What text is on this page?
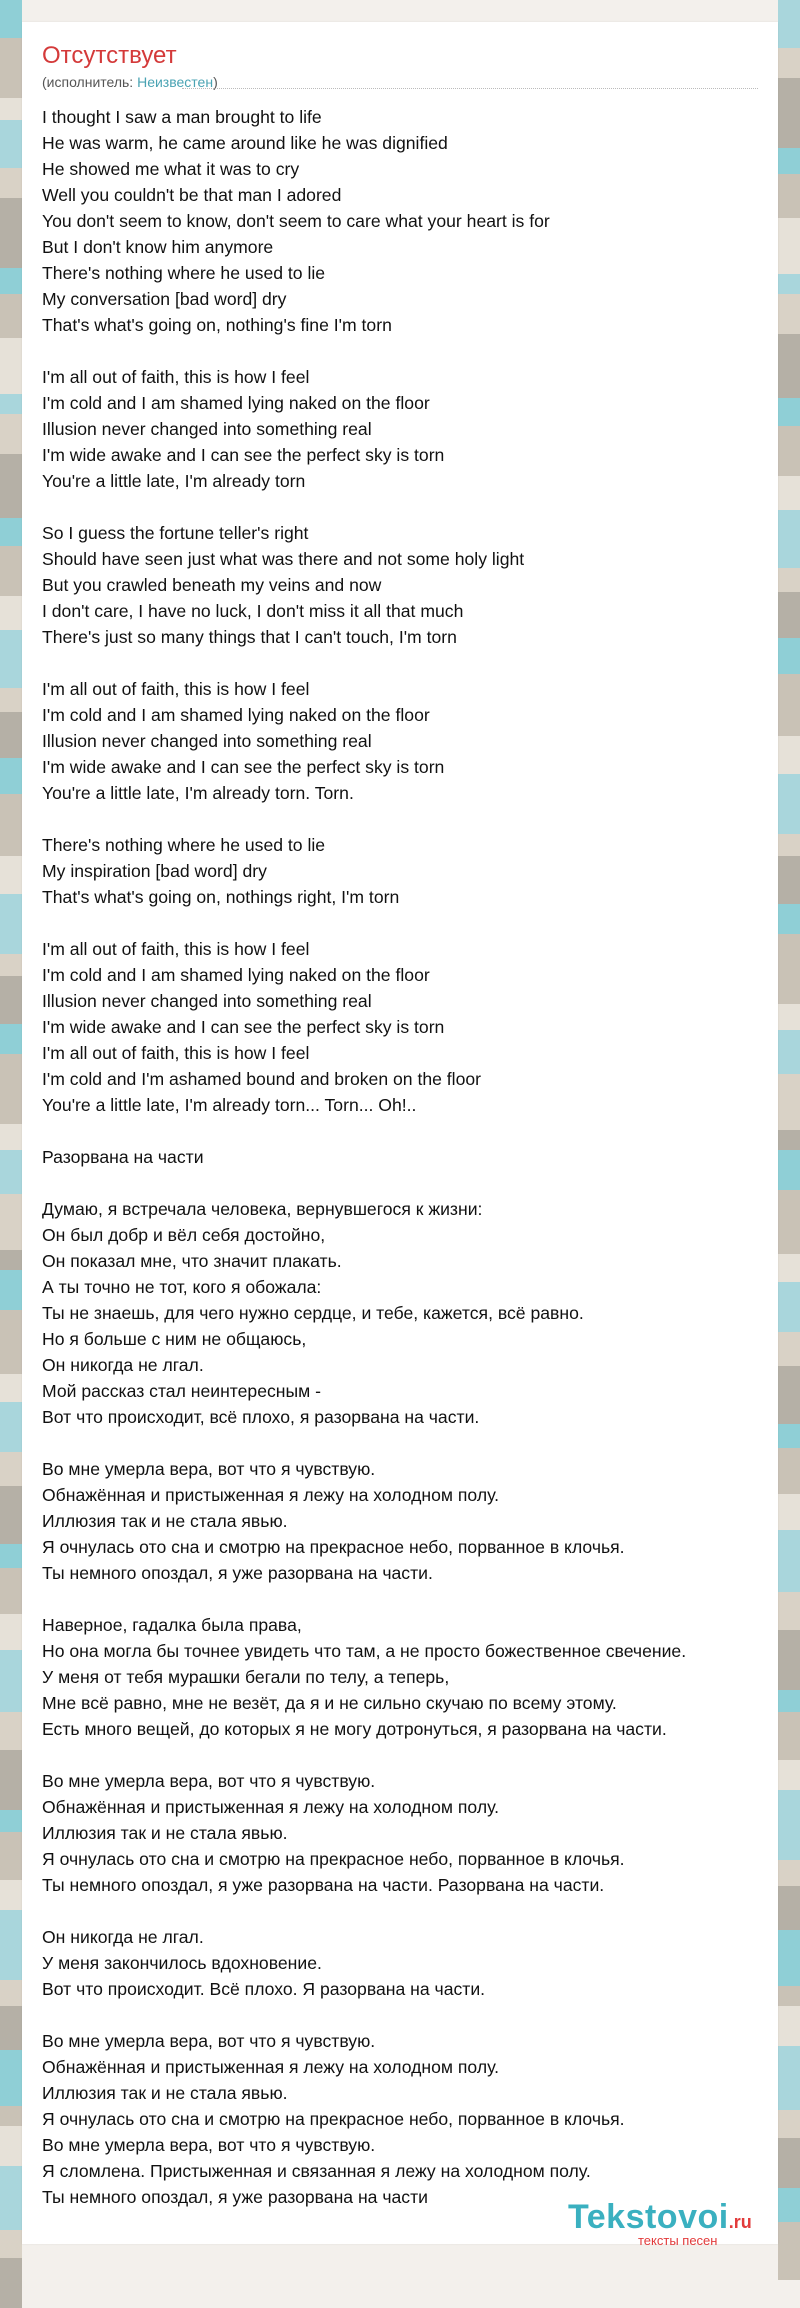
Отсутствует
(исполнитель: Неизвестен)
I thought I saw a man brought to life
He was warm, he came around like he was dignified
He showed me what it was to cry
Well you couldn't be that man I adored
You don't seem to know, don't seem to care what your heart is for
But I don't know him anymore
There's nothing where he used to lie
My conversation [bad word] dry
That's what's going on, nothing's fine I'm torn
I'm all out of faith, this is how I feel
I'm cold and I am shamed lying naked on the floor
Illusion never changed into something real
I'm wide awake and I can see the perfect sky is torn
You're a little late, I'm already torn
So I guess the fortune teller's right
Should have seen just what was there and not some holy light
But you crawled beneath my veins and now
I don't care, I have no luck, I don't miss it all that much
There's just so many things that I can't touch, I'm torn
I'm all out of faith, this is how I feel
I'm cold and I am shamed lying naked on the floor
Illusion never changed into something real
I'm wide awake and I can see the perfect sky is torn
You're a little late, I'm already torn. Torn.
There's nothing where he used to lie
My inspiration [bad word] dry
That's what's going on, nothings right, I'm torn
I'm all out of faith, this is how I feel
I'm cold and I am shamed lying naked on the floor
Illusion never changed into something real
I'm wide awake and I can see the perfect sky is torn
I'm all out of faith, this is how I feel
I'm cold and I'm ashamed bound and broken on the floor
You're a little late, I'm already torn... Torn... Oh!..
Разорвана на части
Думаю, я встречала человека, вернувшегося к жизни:
Он был добр и вёл себя достойно,
Он показал мне, что значит плакать.
А ты точно не тот, кого я обожала:
Ты не знаешь, для чего нужно сердце, и тебе, кажется, всё равно.
Но я больше с ним не общаюсь,
Он никогда не лгал.
Мой рассказ стал неинтересным -
Вот что происходит, всё плохо, я разорвана на части.
Во мне умерла вера, вот что я чувствую.
Обнажённая и пристыженная я лежу на холодном полу.
Иллюзия так и не стала явью.
Я очнулась ото сна и смотрю на прекрасное небо, порванное в клочья.
Ты немного опоздал, я уже разорвана на части.
Наверное, гадалка была права,
Но она могла бы точнее увидеть что там, а не просто божественное свечение.
У меня от тебя мурашки бегали по телу, а теперь,
Мне всё равно, мне не везёт, да я и не сильно скучаю по всему этому.
Есть много вещей, до которых я не могу дотронуться, я разорвана на части.
Во мне умерла вера, вот что я чувствую.
Обнажённая и пристыженная я лежу на холодном полу.
Иллюзия так и не стала явью.
Я очнулась ото сна и смотрю на прекрасное небо, порванное в клочья.
Ты немного опоздал, я уже разорвана на части. Разорвана на части.
Он никогда не лгал.
У меня закончилось вдохновение.
Вот что происходит. Всё плохо. Я разорвана на части.
Во мне умерла вера, вот что я чувствую.
Обнажённая и пристыженная я лежу на холодном полу.
Иллюзия так и не стала явью.
Я очнулась ото сна и смотрю на прекрасное небо, порванное в клочья.
Во мне умерла вера, вот что я чувствую.
Я сломлена. Пристыженная и связанная я лежу на холодном полу.
Ты немного опоздал, я уже разорвана на части
Tekstovoi.ru
тексты песен
